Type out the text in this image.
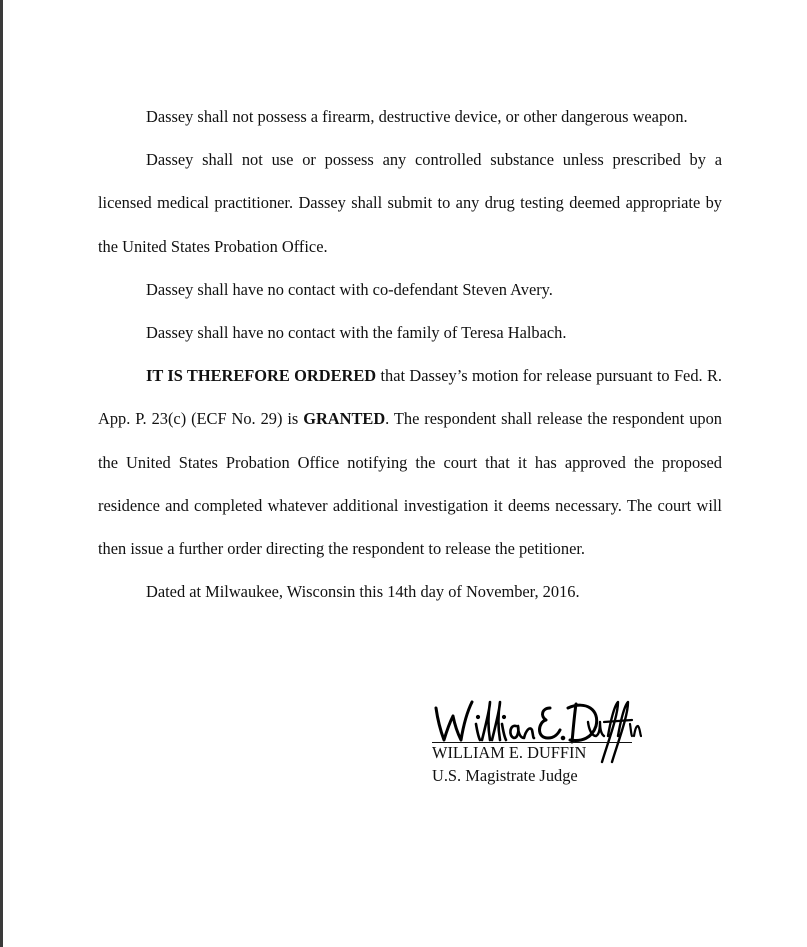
Dassey shall not possess a firearm, destructive device, or other dangerous weapon.

Dassey shall not use or possess any controlled substance unless prescribed by a licensed medical practitioner. Dassey shall submit to any drug testing deemed appropriate by the United States Probation Office.

Dassey shall have no contact with co-defendant Steven Avery.

Dassey shall have no contact with the family of Teresa Halbach.

IT IS THEREFORE ORDERED that Dassey’s motion for release pursuant to Fed. R. App. P. 23(c) (ECF No. 29) is GRANTED. The respondent shall release the respondent upon the United States Probation Office notifying the court that it has approved the proposed residence and completed whatever additional investigation it deems necessary. The court will then issue a further order directing the respondent to release the petitioner.

Dated at Milwaukee, Wisconsin this 14th day of November, 2016.

WILLIAM E. DUFFIN
U.S. Magistrate Judge
